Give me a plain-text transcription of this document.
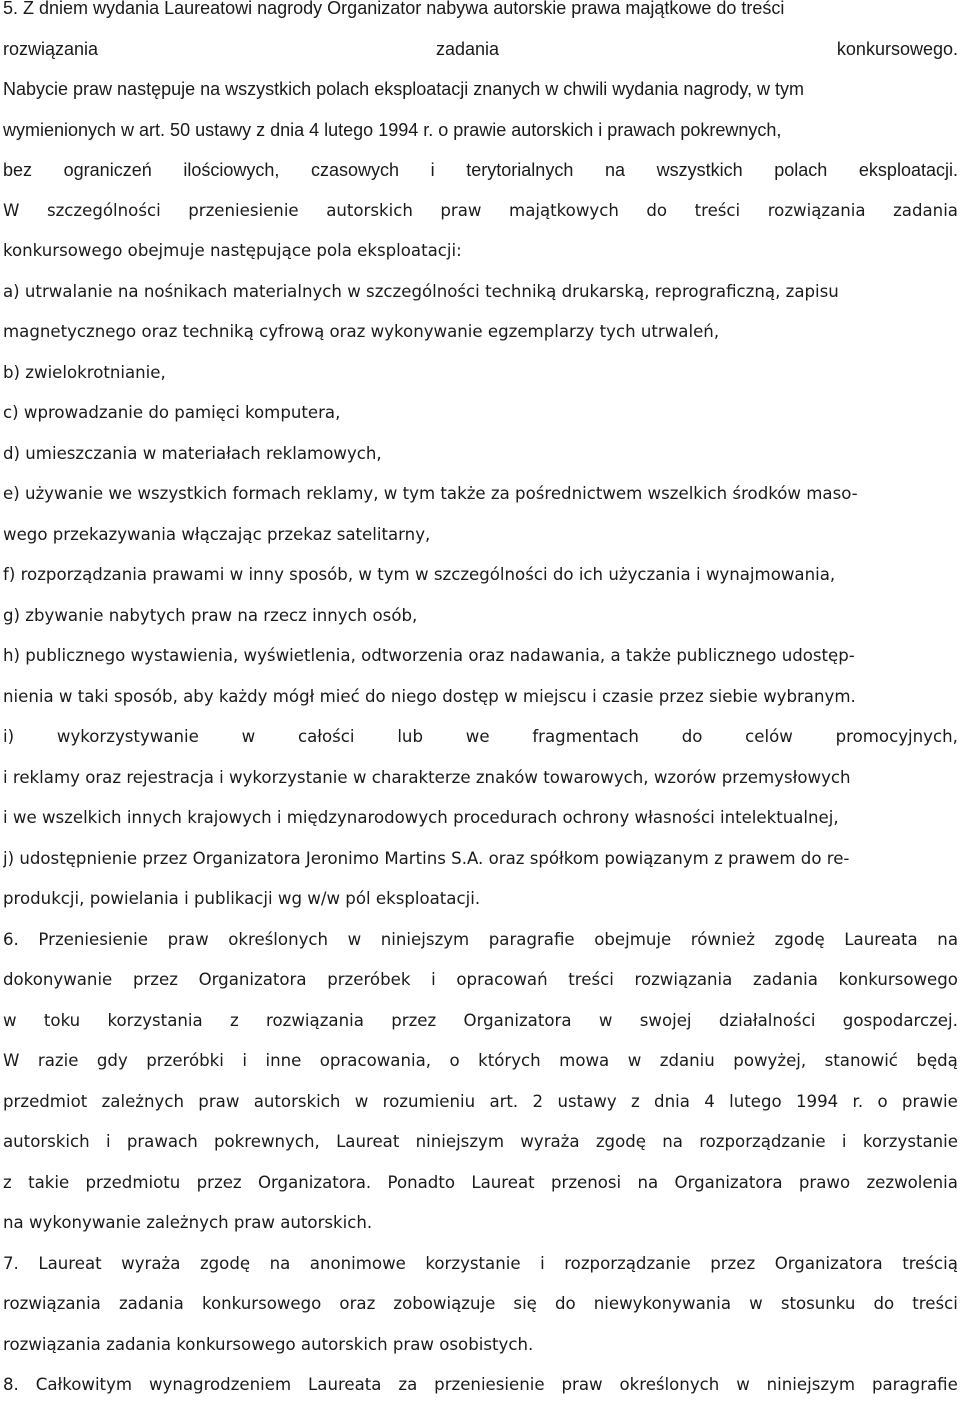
5. Z dniem wydania Laureatowi nagrody Organizator nabywa autorskie prawa majątkowe do treści
rozwiązania	zadania	konkursowego.
Nabycie praw następuje na wszystkich polach eksploatacji znanych w chwili wydania nagrody, w tym
wymienionych w art. 50 ustawy z dnia 4 lutego 1994 r. o prawie autorskich i prawach pokrewnych,
bez ograniczeń ilościowych, czasowych i terytorialnych na wszystkich polach eksploatacji.
W szczególności przeniesienie autorskich praw majątkowych do treści rozwiązania zadania
konkursowego obejmuje następujące pola eksploatacji:
a) utrwalanie na nośnikach materialnych w szczególności techniką drukarską, reprograficzną, zapisu
magnetycznego oraz techniką cyfrową oraz wykonywanie egzemplarzy tych utrwaleń,
b) zwielokrotnianie,
c) wprowadzanie do pamięci komputera,
d) umieszczania w materiałach reklamowych,
e) używanie we wszystkich formach reklamy, w tym także za pośrednictwem wszelkich środków maso-
wego przekazywania włączając przekaz satelitarny,
f) rozporządzania prawami w inny sposób, w tym w szczególności do ich użyczania i wynajmowania,
g) zbywanie nabytych praw na rzecz innych osób,
h) publicznego wystawienia, wyświetlenia, odtworzenia oraz nadawania, a także publicznego udostęp-
nienia w taki sposób, aby każdy mógł mieć do niego dostęp w miejscu i czasie przez siebie wybranym.
i)	wykorzystywanie	w	całości	lub	we	fragmentach	do	celów	promocyjnych,
i reklamy oraz rejestracja i wykorzystanie w charakterze znaków towarowych, wzorów przemysłowych
i we wszelkich innych krajowych i międzynarodowych procedurach ochrony własności intelektualnej,
j) udostępnienie przez Organizatora Jeronimo Martins S.A. oraz spółkom powiązanym z prawem do re-
produkcji, powielania i publikacji wg w/w pól eksploatacji.
6. Przeniesienie praw określonych w niniejszym paragrafie obejmuje również zgodę Laureata na
dokonywanie przez Organizatora przeróbek i opracowań treści rozwiązania zadania konkursowego
w toku korzystania z rozwiązania przez Organizatora w swojej działalności gospodarczej.
W razie gdy przeróbki i inne opracowania, o których mowa w zdaniu powyżej, stanowić będą
przedmiot zależnych praw autorskich w rozumieniu art. 2 ustawy z dnia 4 lutego 1994 r. o prawie
autorskich i prawach pokrewnych, Laureat niniejszym wyraża zgodę na rozporządzanie i korzystanie
z takie przedmiotu przez Organizatora. Ponadto Laureat przenosi na Organizatora prawo zezwolenia
na wykonywanie zależnych praw autorskich.
7. Laureat wyraża zgodę na anonimowe korzystanie i rozporządzanie przez Organizatora treścią
rozwiązania zadania konkursowego oraz zobowiązuje się do niewykonywania w stosunku do treści
rozwiązania zadania konkursowego autorskich praw osobistych.
8. Całkowitym wynagrodzeniem Laureata za przeniesienie praw określonych w niniejszym paragrafie
